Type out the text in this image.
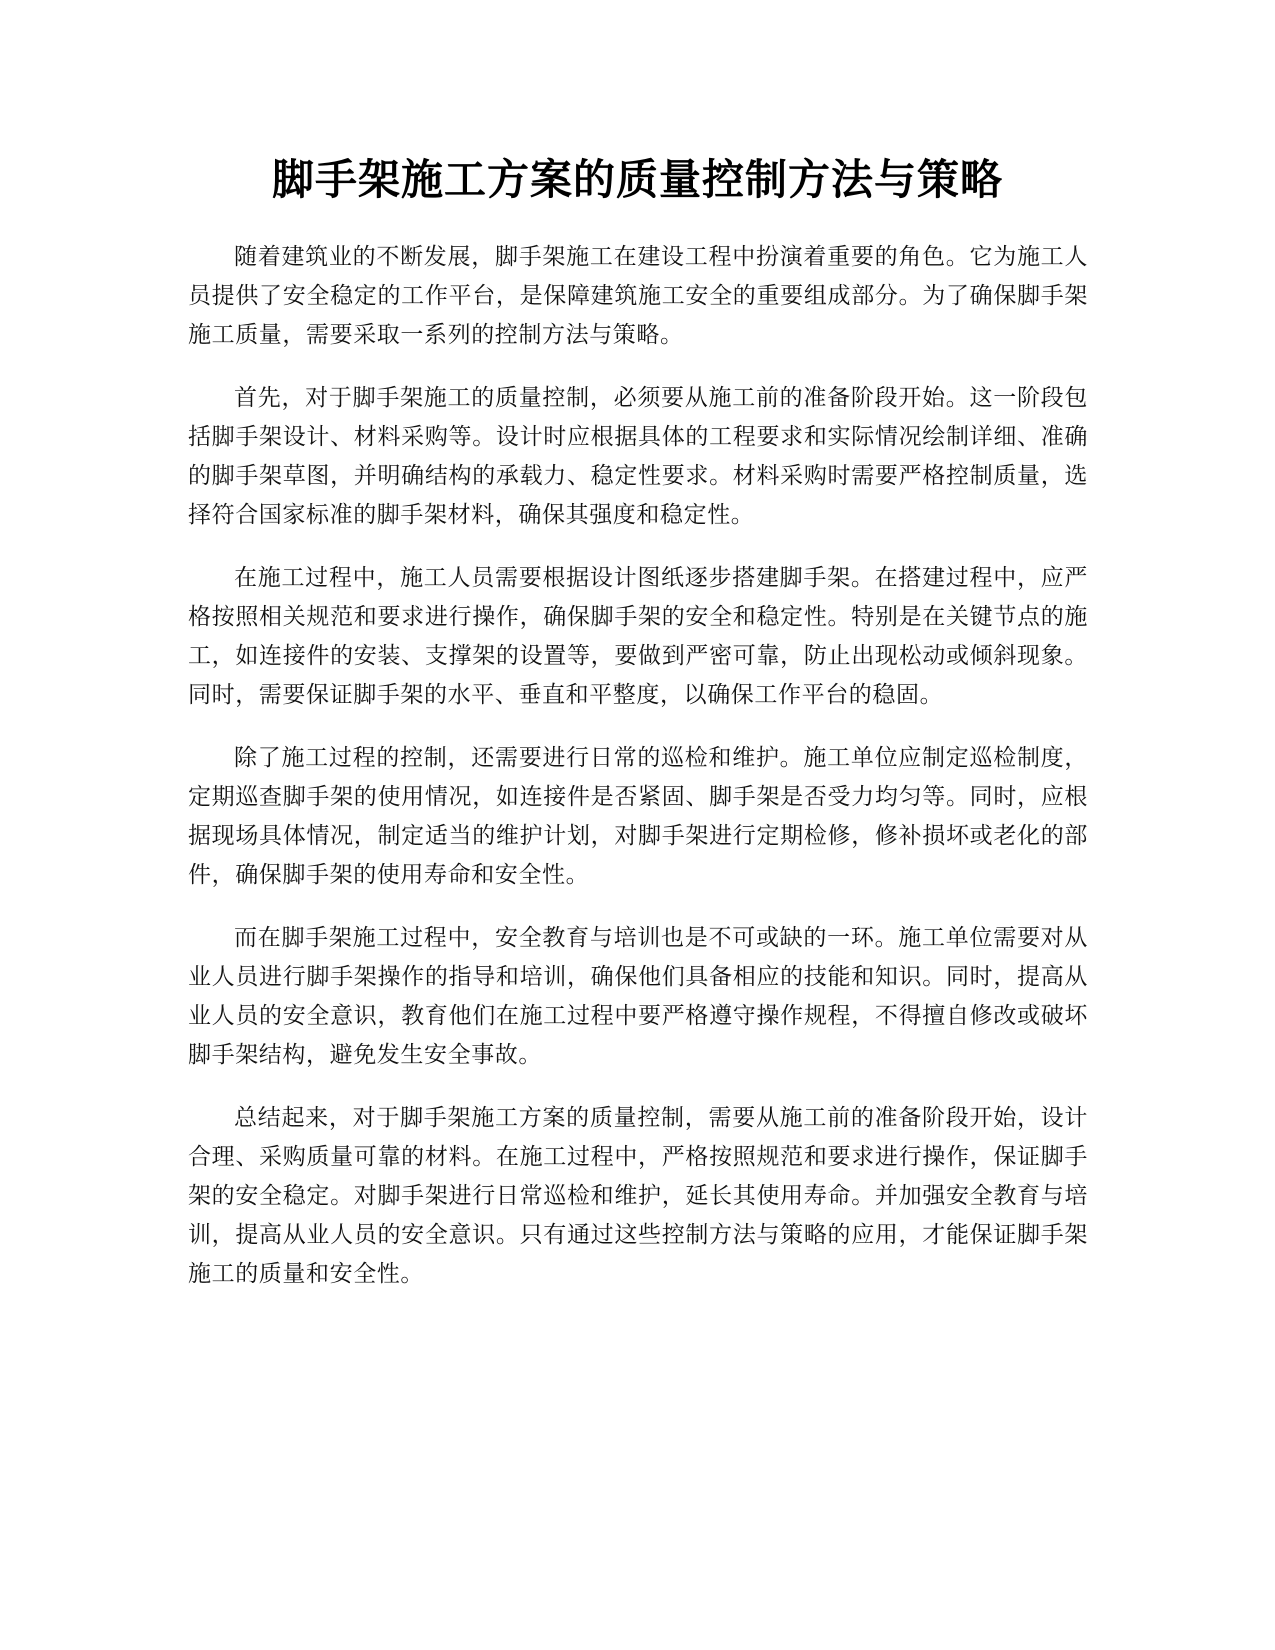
脚手架施工方案的质量控制方法与策略

随着建筑业的不断发展，脚手架施工在建设工程中扮演着重要的角色。它为施工人员提供了安全稳定的工作平台，是保障建筑施工安全的重要组成部分。为了确保脚手架施工质量，需要采取一系列的控制方法与策略。

首先，对于脚手架施工的质量控制，必须要从施工前的准备阶段开始。这一阶段包括脚手架设计、材料采购等。设计时应根据具体的工程要求和实际情况绘制详细、准确的脚手架草图，并明确结构的承载力、稳定性要求。材料采购时需要严格控制质量，选择符合国家标准的脚手架材料，确保其强度和稳定性。

在施工过程中，施工人员需要根据设计图纸逐步搭建脚手架。在搭建过程中，应严格按照相关规范和要求进行操作，确保脚手架的安全和稳定性。特别是在关键节点的施工，如连接件的安装、支撑架的设置等，要做到严密可靠，防止出现松动或倾斜现象。同时，需要保证脚手架的水平、垂直和平整度，以确保工作平台的稳固。

除了施工过程的控制，还需要进行日常的巡检和维护。施工单位应制定巡检制度，定期巡查脚手架的使用情况，如连接件是否紧固、脚手架是否受力均匀等。同时，应根据现场具体情况，制定适当的维护计划，对脚手架进行定期检修，修补损坏或老化的部件，确保脚手架的使用寿命和安全性。

而在脚手架施工过程中，安全教育与培训也是不可或缺的一环。施工单位需要对从业人员进行脚手架操作的指导和培训，确保他们具备相应的技能和知识。同时，提高从业人员的安全意识，教育他们在施工过程中要严格遵守操作规程，不得擅自修改或破坏脚手架结构，避免发生安全事故。

总结起来，对于脚手架施工方案的质量控制，需要从施工前的准备阶段开始，设计合理、采购质量可靠的材料。在施工过程中，严格按照规范和要求进行操作，保证脚手架的安全稳定。对脚手架进行日常巡检和维护，延长其使用寿命。并加强安全教育与培训，提高从业人员的安全意识。只有通过这些控制方法与策略的应用，才能保证脚手架施工的质量和安全性。
